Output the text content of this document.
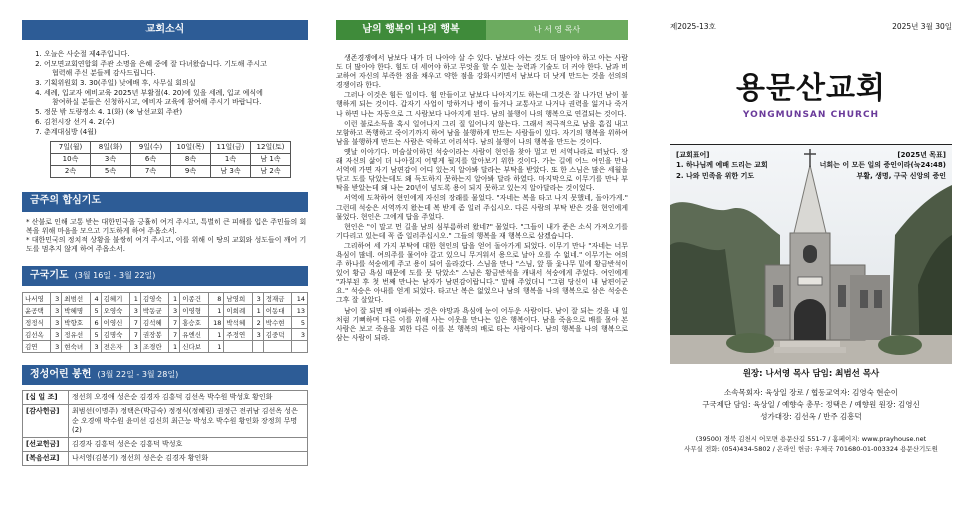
교회소식
1. 오늘은 사순절 제4주입니다.
2. 어모면교회연합회 주관 소명을 은혜 중에 잘 다녀왔습니다. 기도해 주시고
협력해 주신 분들께 감사드립니다.
3. 기획위원회 3. 30(주일) 낮예배 후, 사무실 회의실
4. 세례, 입교자 예비교육 2025년 부활절(4. 20)에 있을 세례, 입교 예식에
참여하실 분들은 신청하시고, 예비자 교육에 참여해 주시기 바랍니다.
5. 정문 밖 도량정소 4. 1(화) (※ 남선교회 주관)
6. 김천시장 선거 4. 2(수)
7. 춘계대심방 (4월)
7일(월)	8일(화)	9일(수)	10일(목)	11일(금)	12일(토)
10속	3속	6속	8속	1속	남 1속
2속	5속	7속	9속	남 3속	남 2속
금주의 합심기도

* 산불로 인해 고통 받는 대한민국을 긍휼히 여겨 주시고, 특별히 큰 피해를 입은 주민들의 회복을 위해 마음을 모으고 기도하게 하여 주옵소서.

* 대한민국의 정치적 상황을 불쌍히 여겨 주시고, 이를 위해 이 땅의 교회와 성도들이 깨어 기도를 멈추지 않게 하여 주옵소서.

구국기도 (3월 16일 - 3월 22일)
나서영	3	최범선	4	김혜기	1	김영숙	1	이종건	8	남영희	3	정재금	14
윤공택	3	박혜명	5	오영숙	3	박동균	3	이영형	1	이희례	1	이동대	13
정정식	3	박향호	6	이영신	7	김석혜	7	홍승호	18	박석혜	2	박수현	5
김선옥	3	정유선	5	김명숙	7	권장봉	7	유엔신	1	주정연	3	김중덕	3
김연	3	현숙녀	3	전은자	3	조경란	1	신다보	1				
정성어린 봉헌 (3월 22일 - 3월 28일)
[십 일 조]	정선희 오경애 성은순 김경자 김흥덕 김선옥 박수원 박성호 황인화
[감사헌금]	최범선(이명주) 정택은(박금숙) 정정식(정혜림) 권정근 전귀남 김선옥 성은순 오경애 박수원 윤미선 김신희 최근능 박성오 박수원 황인화 장정희 무명(2)
[선교헌금]	김경자 김흥덕 성은순 김흥덕 박성호
[복음선교]	나서영(김봉기) 정선희 성은순 김경자 황인화
남의 행복이 나의 행복	나 서 영 목사

생존경쟁에서 남보다 내가 더 나아야 살 수 있다. 남보다 아는 것도 더 많아야 하고 아는 사람도 더 많아야 한다. 힘도 더 세어야 하고 무엇을 할 수 있는 능력과 기술도 더 커야 한다. 남과 비교하여 자신의 부족한 점을 채우고 약한 점을 강화시키면서 남보다 더 낫게 만드는 것을 선의의 경쟁이라 한다.

그러나 이것은 힘든 일이다. 힘 안들이고 남보다 나아지기도 하는데 그것은 잘 나가던 남이 불행하게 되는 것이다. 갑자기 사업이 망하거나 병이 들거나 교통사고 나거나 권력을 잃거나 죽거나 하면 나는 자동으로 그 사람보다 나아지게 된다. 남의 불행이 나의 행복으로 연결되는 것이다.

이런 불로소득을 혹시 일어나지 그리 질 일어나지 않는다. 그래서 적극적으로 남을 흠집 내고 모함하고 폭행하고 죽이기까지 하여 남을 불행하게 만드는 사람들이 있다. 자기의 행복을 위하여 남을 불행하게 만드는 사람은 악하고 어리석다. 남의 불행이 나의 행복을 만드는 것이다.

옛날 이야기다. 머슴살이하던 석숭이라는 사람이 현인을 찾아 멀고 먼 서역나라로 떠났다. 장래 자신의 삶이 더 나아질지 어떻게 될지를 알아보기 위한 것이다. 가는 길에 어느 여인을 만나 서역에 가면 자기 남편감이 어디 있는지 알아봐 달라는 부탁을 받았다. 또 한 스님은 많은 세월을 닦고 도를 닦았는데도 왜 득도하지 못하는지 알아봐 달라 하였다. 마지막으로 이무기를 만나 부탁을 받았는데 왜 나는 20년이 넘도록 용이 되지 못하고 있는지 알아달라는 것이었다.

서역에 도착하여 현인에게 자신의 장래를 물었다. "자네는 복을 타고 나지 못했네, 돌아가게." 그런데 석숭은 서역까지 왔는데 복 받게 좀 일러 주십시오. 다른 사람의 부탁 받은 것을 현인에게 물었다. 현인은 그에게 답을 주었다.

현인은 "이 말고 먼 길을 남의 심부름하러 왔네?" 물었다. "그들이 내가 준은 소식 가져오기를 기다리고 있는데 꼭 좀 일러주십시오." 그들의 행복을 재 행복으로 삼겠습니다.

그리하여 세 가지 부탁에 대한 현인의 답을 얻어 돌아가게 되었다. 이무기 만나 "자네는 너무 욕심이 많네. 여의주를 물어야 갈고 있으니 무거워서 용으로 날아 오를 수 없네." 이무기는 여의주 하나를 석숭에게 주고 용이 되어 올라갔다. 스님을 만나 "스님, 앞 뜰 옻나무 밑에 황금반석이 있어 황금 욕심 때문에 도를 못 닦았소" 스님은 황금반석을 캐내서 석숭에게 주었다. 여인에게 "과부된 후 첫 번째 만나는 남자가 남편감이랍니다." 말해 주었더니 "그럼 당신이 내 남편이군요." 석숭은 아내를 얻게 되었다. 타고난 복은 없었으나 남의 행복을 나의 행복으로 삼은 석숭은 그후 잘 살았다.

남이 잘 되면 배 아파하는 것은 야망과 욕심에 눈이 어두운 사람이다. 남이 잘 되는 것을 내 일처럼 기뻐하며 다른 이를 위해 사는 이웃을 만나는 일은 행복이다. 남을 죽음으로 배를 몰아 본 사람은 보고 죽음을 꾀한 다른 이를 본 행복의 배로 타는 사람이다. 남의 행복을 나의 행복으로 삼는 사람이 되라.

제2025-13호	2025년 3월 30일
용문산교회
YONGMUNSAN CHURCH
[교회표어]
1. 하나님께 예배 드리는 교회
2. 나와 민족을 위한 기도
[2025년 목표]
너희는 이 모든 일의 증인이라(눅24:48)
부활, 생명, 구국 신앙의 증인
원장: 나서영 목사 담임: 최범선 목사
소속목회자: 육상일 장로 / 협동교역자: 김영숙 현순이
구국제단 담임: 육상일 / 예향숙 총무: 정택은 / 예향원 원장: 김영신
성가대장: 김선옥 / 반주 김흥덕
(39500) 경북 김천시 어모면 용문산길 551-7 / 홈페이지: www.prayhouse.net
사무실 전화: (054)434-5802 / 온라인 헌금: 우체국 701680-01-003324 용문산기도원
